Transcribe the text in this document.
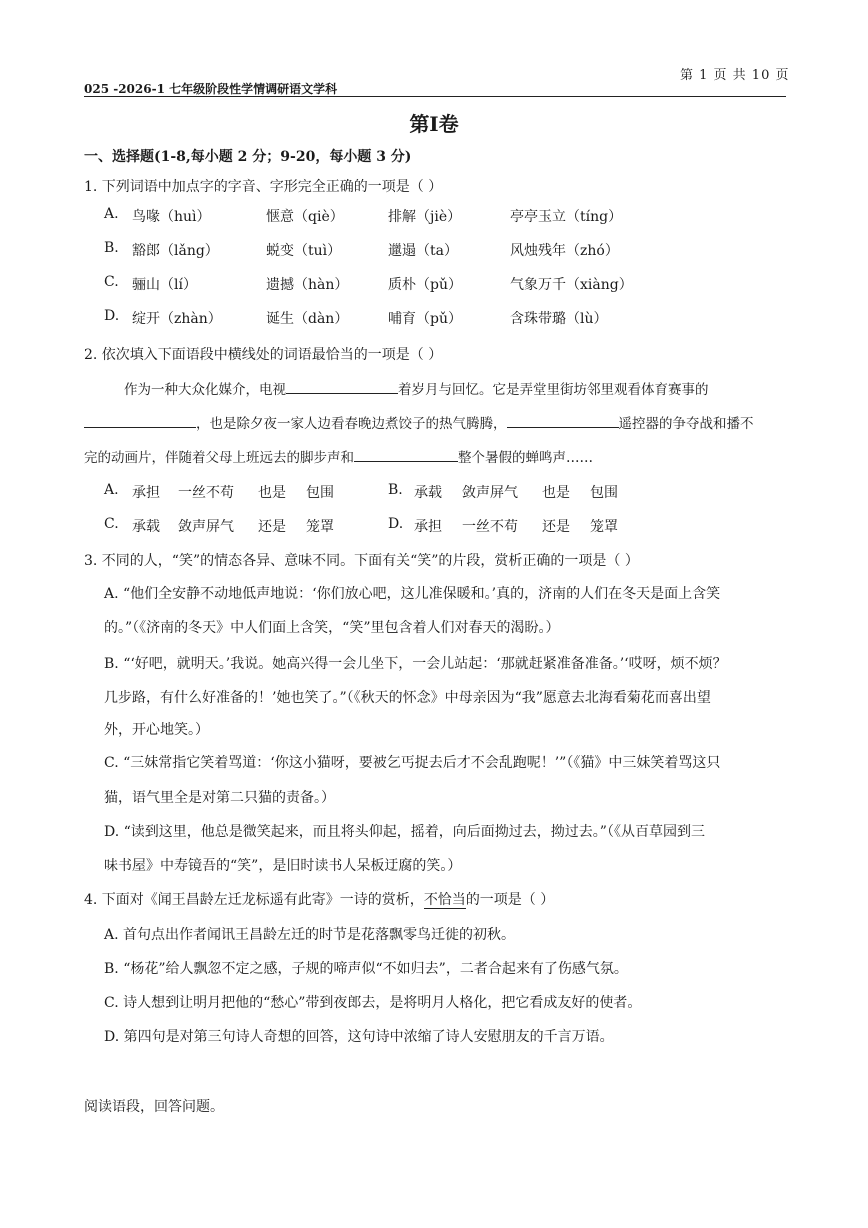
第 1 页 共 10 页
025 -2026-1 七年级阶段性学情调研语文学科
第I卷
一、选择题(1-8,每小题 2 分；9-20，每小题 3 分)
1. 下列词语中加点字的字音、字形完全正确的一项是（ ）
A. 鸟喙（huì）	惬意（qiè）	排解（jiè）	亭亭玉立（tíng）
B. 豁郎（lǎng）	蜕变（tuì）	邋遢（ta）	风烛残年（zhó）
C. 骊山（lí）	遗撼（hàn）	质朴（pǔ）	气象万千（xiàng）
D. 绽开（zhàn）	诞生（dàn）	哺育（pǔ）	含珠带璐（lù）
2. 依次填入下面语段中横线处的词语最恰当的一项是（ ）
作为一种大众化媒介，电视	着岁月与回忆。它是弄堂里街坊邻里观看体育赛事的
，也是除夕夜一家人边看春晚边煮饺子的热气腾腾，	遥控器的争夺战和播不
完的动画片，伴随着父母上班远去的脚步声和	整个暑假的蝉鸣声……
A. 承担 一丝不苟 也是 包围	B. 承载 敛声屏气 也是 包围
C. 承载 敛声屏气 还是 笼罩	D. 承担 一丝不苟 还是 笼罩
3. 不同的人，“笑”的情态各异、意味不同。下面有关“笑”的片段，赏析正确的一项是（ ）
A. “他们全安静不动地低声地说：‘你们放心吧，这儿准保暖和。’真的，济南的人们在冬天是面上含笑
的。”（《济南的冬天》中人们面上含笑，“笑”里包含着人们对春天的渴盼。）
B. “‘好吧，就明天。’我说。她高兴得一会儿坐下，一会儿站起：‘那就赶紧准备准备。’‘哎呀，烦不烦？
几步路，有什么好准备的！’她也笑了。”（《秋天的怀念》中母亲因为“我”愿意去北海看菊花而喜出望
外，开心地笑。）
C. “三妹常指它笑着骂道：‘你这小猫呀，要被乞丐捉去后才不会乱跑呢！’”（《猫》中三妹笑着骂这只
猫，语气里全是对第二只猫的责备。）
D. “读到这里，他总是微笑起来，而且将头仰起，摇着，向后面拗过去，拗过去。”（《从百草园到三
味书屋》中寿镜吾的“笑”，是旧时读书人呆板迂腐的笑。）
4. 下面对《闻王昌龄左迁龙标遥有此寄》一诗的赏析，不恰当的一项是（ ）
A. 首句点出作者闻讯王昌龄左迁的时节是花落飘零鸟迁徙的初秋。
B. “杨花”给人飘忽不定之感，子规的啼声似“不如归去”，二者合起来有了伤感气氛。
C. 诗人想到让明月把他的“愁心”带到夜郎去，是将明月人格化，把它看成友好的使者。
D. 第四句是对第三句诗人奇想的回答，这句诗中浓缩了诗人安慰朋友的千言万语。
阅读语段，回答问题。
